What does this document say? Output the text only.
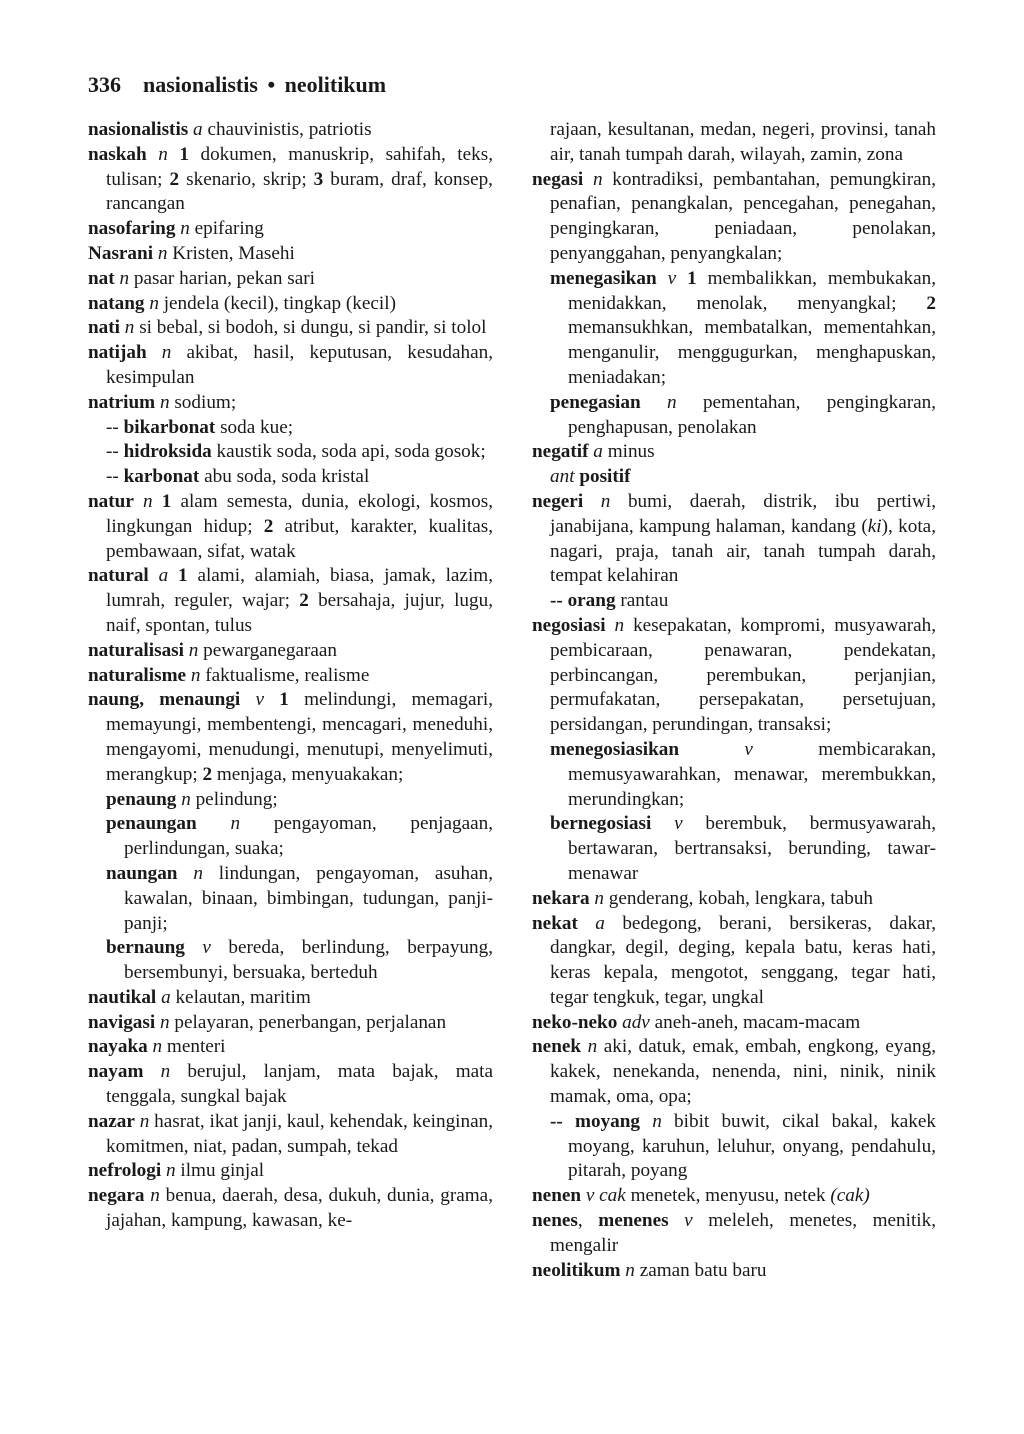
336 nasionalistis • neolitikum

nasionalistis a chauvinistis, patriotis

naskah n 1 dokumen, manuskrip, sahifah, teks, tulisan; 2 skenario, skrip; 3 buram, draf, konsep, rancangan

nasofaring n epifaring

Nasrani n Kristen, Masehi

nat n pasar harian, pekan sari

natang n jendela (kecil), tingkap (kecil)

nati n si bebal, si bodoh, si dungu, si pandir, si tolol

natijah n akibat, hasil, keputusan, kesudahan, kesimpulan

natrium n sodium;

-- bikarbonat soda kue;

-- hidroksida kaustik soda, soda api, soda gosok;

-- karbonat abu soda, soda kristal

natur n 1 alam semesta, dunia, ekologi, kosmos, lingkungan hidup; 2 atribut, karakter, kualitas, pembawaan, sifat, watak

natural a 1 alami, alamiah, biasa, jamak, lazim, lumrah, reguler, wajar; 2 bersahaja, jujur, lugu, naif, spontan, tulus

naturalisasi n pewarganegaraan

naturalisme n faktualisme, realisme

naung, menaungi v 1 melindungi, memagari, memayungi, membentengi, mencagari, meneduhi, mengayomi, menudungi, menutupi, menyelimuti, merangkup; 2 menjaga, menyuakakan;

penaung n pelindung;

penaungan n pengayoman, penjagaan, perlindungan, suaka;

naungan n lindungan, pengayoman, asuhan, kawalan, binaan, bimbingan, tudungan, panji-panji;

bernaung v bereda, berlindung, berpayung, bersembunyi, bersuaka, berteduh

nautikal a kelautan, maritim

navigasi n pelayaran, penerbangan, perjalanan

nayaka n menteri

nayam n berujul, lanjam, mata bajak, mata tenggala, sungkal bajak

nazar n hasrat, ikat janji, kaul, kehendak, keinginan, komitmen, niat, padan, sumpah, tekad

nefrologi n ilmu ginjal

negara n benua, daerah, desa, dukuh, dunia, grama, jajahan, kampung, kawasan, ke-

rajaan, kesultanan, medan, negeri, provinsi, tanah air, tanah tumpah darah, wilayah, zamin, zona

negasi n kontradiksi, pembantahan, pemungkiran, penafian, penangkalan, pencegahan, penegahan, pengingkaran, peniadaan, penolakan, penyanggahan, penyangkalan;

menegasikan v 1 membalikkan, membukakan, menidakkan, menolak, menyangkal; 2 memansukhkan, membatalkan, mementahkan, menganulir, menggugurkan, menghapuskan, meniadakan;

penegasian n pementahan, pengingkaran, penghapusan, penolakan

negatif a minus

ant positif

negeri n bumi, daerah, distrik, ibu pertiwi, janabijana, kampung halaman, kandang (ki), kota, nagari, praja, tanah air, tanah tumpah darah, tempat kelahiran

-- orang rantau

negosiasi n kesepakatan, kompromi, musyawarah, pembicaraan, penawaran, pendekatan, perbincangan, perembukan, perjanjian, permufakatan, persepakatan, persetujuan, persidangan, perundingan, transaksi;

menegosiasikan	v membicarakan, memusyawarahkan, menawar, merembukkan, merundingkan;

bernegosiasi v berembuk, bermusyawarah, bertawaran, bertransaksi, berunding, tawar-menawar

nekara n genderang, kobah, lengkara, tabuh

nekat a bedegong, berani, bersikeras, dakar, dangkar, degil, deging, kepala batu, keras hati, keras kepala, mengotot, senggang, tegar hati, tegar tengkuk, tegar, ungkal

neko-neko adv aneh-aneh, macam-macam

nenek n aki, datuk, emak, embah, engkong, eyang, kakek, nenekanda, nenenda, nini, ninik, ninik mamak, oma, opa;

-- moyang n bibit buwit, cikal bakal, kakek moyang, karuhun, leluhur, onyang, pendahulu, pitarah, poyang

nenen v cak menetek, menyusu, netek (cak)

nenes, menenes v meleleh, menetes, menitik, mengalir

neolitikum n zaman batu baru
